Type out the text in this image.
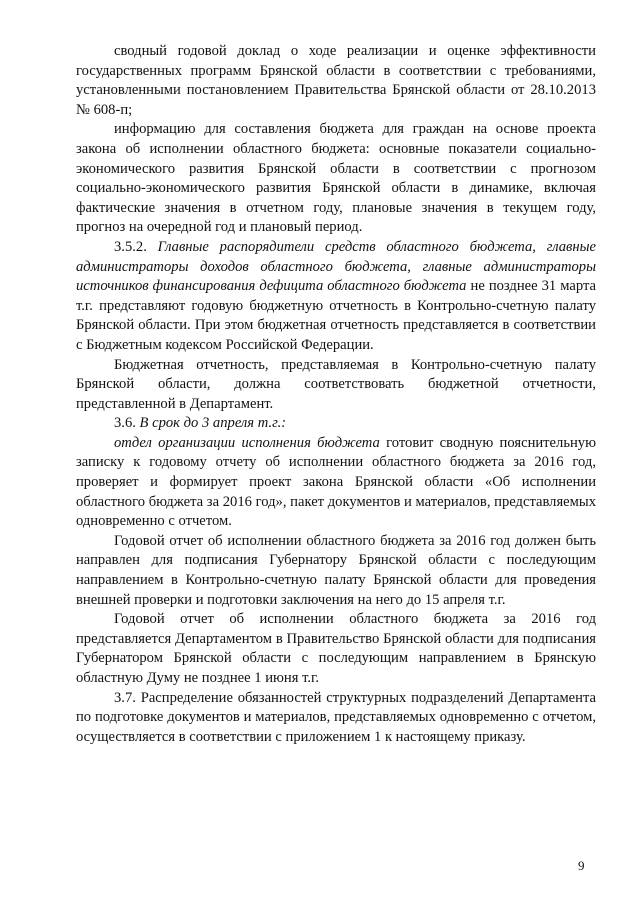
сводный годовой доклад о ходе реализации и оценке эффективности государственных программ Брянской области в соответствии с требованиями, установленными постановлением Правительства Брянской области от 28.10.2013 № 608-п;

информацию для составления бюджета для граждан на основе проекта закона об исполнении областного бюджета: основные показатели социально-экономического развития Брянской области в соответствии с прогнозом социально-экономического развития Брянской области в динамике, включая фактические значения в отчетном году, плановые значения в текущем году, прогноз на очередной год и плановый период.

3.5.2. Главные распорядители средств областного бюджета, главные администраторы доходов областного бюджета, главные администраторы источников финансирования дефицита областного бюджета не позднее 31 марта т.г. представляют годовую бюджетную отчетность в Контрольно-счетную палату Брянской области. При этом бюджетная отчетность представляется в соответствии с Бюджетным кодексом Российской Федерации.

Бюджетная отчетность, представляемая в Контрольно-счетную палату Брянской области, должна соответствовать бюджетной отчетности, представленной в Департамент.

3.6. В срок до 3 апреля т.г.:

отдел организации исполнения бюджета готовит сводную пояснительную записку к годовому отчету об исполнении областного бюджета за 2016 год, проверяет и формирует проект закона Брянской области «Об исполнении областного бюджета за 2016 год», пакет документов и материалов, представляемых одновременно с отчетом.

Годовой отчет об исполнении областного бюджета за 2016 год должен быть направлен для подписания Губернатору Брянской области с последующим направлением в Контрольно-счетную палату Брянской области для проведения внешней проверки и подготовки заключения на него до 15 апреля т.г.

Годовой отчет об исполнении областного бюджета за 2016 год представляется Департаментом в Правительство Брянской области для подписания Губернатором Брянской области с последующим направлением в Брянскую областную Думу не позднее 1 июня т.г.

3.7. Распределение обязанностей структурных подразделений Департамента по подготовке документов и материалов, представляемых одновременно с отчетом, осуществляется в соответствии с приложением 1 к настоящему приказу.

9
